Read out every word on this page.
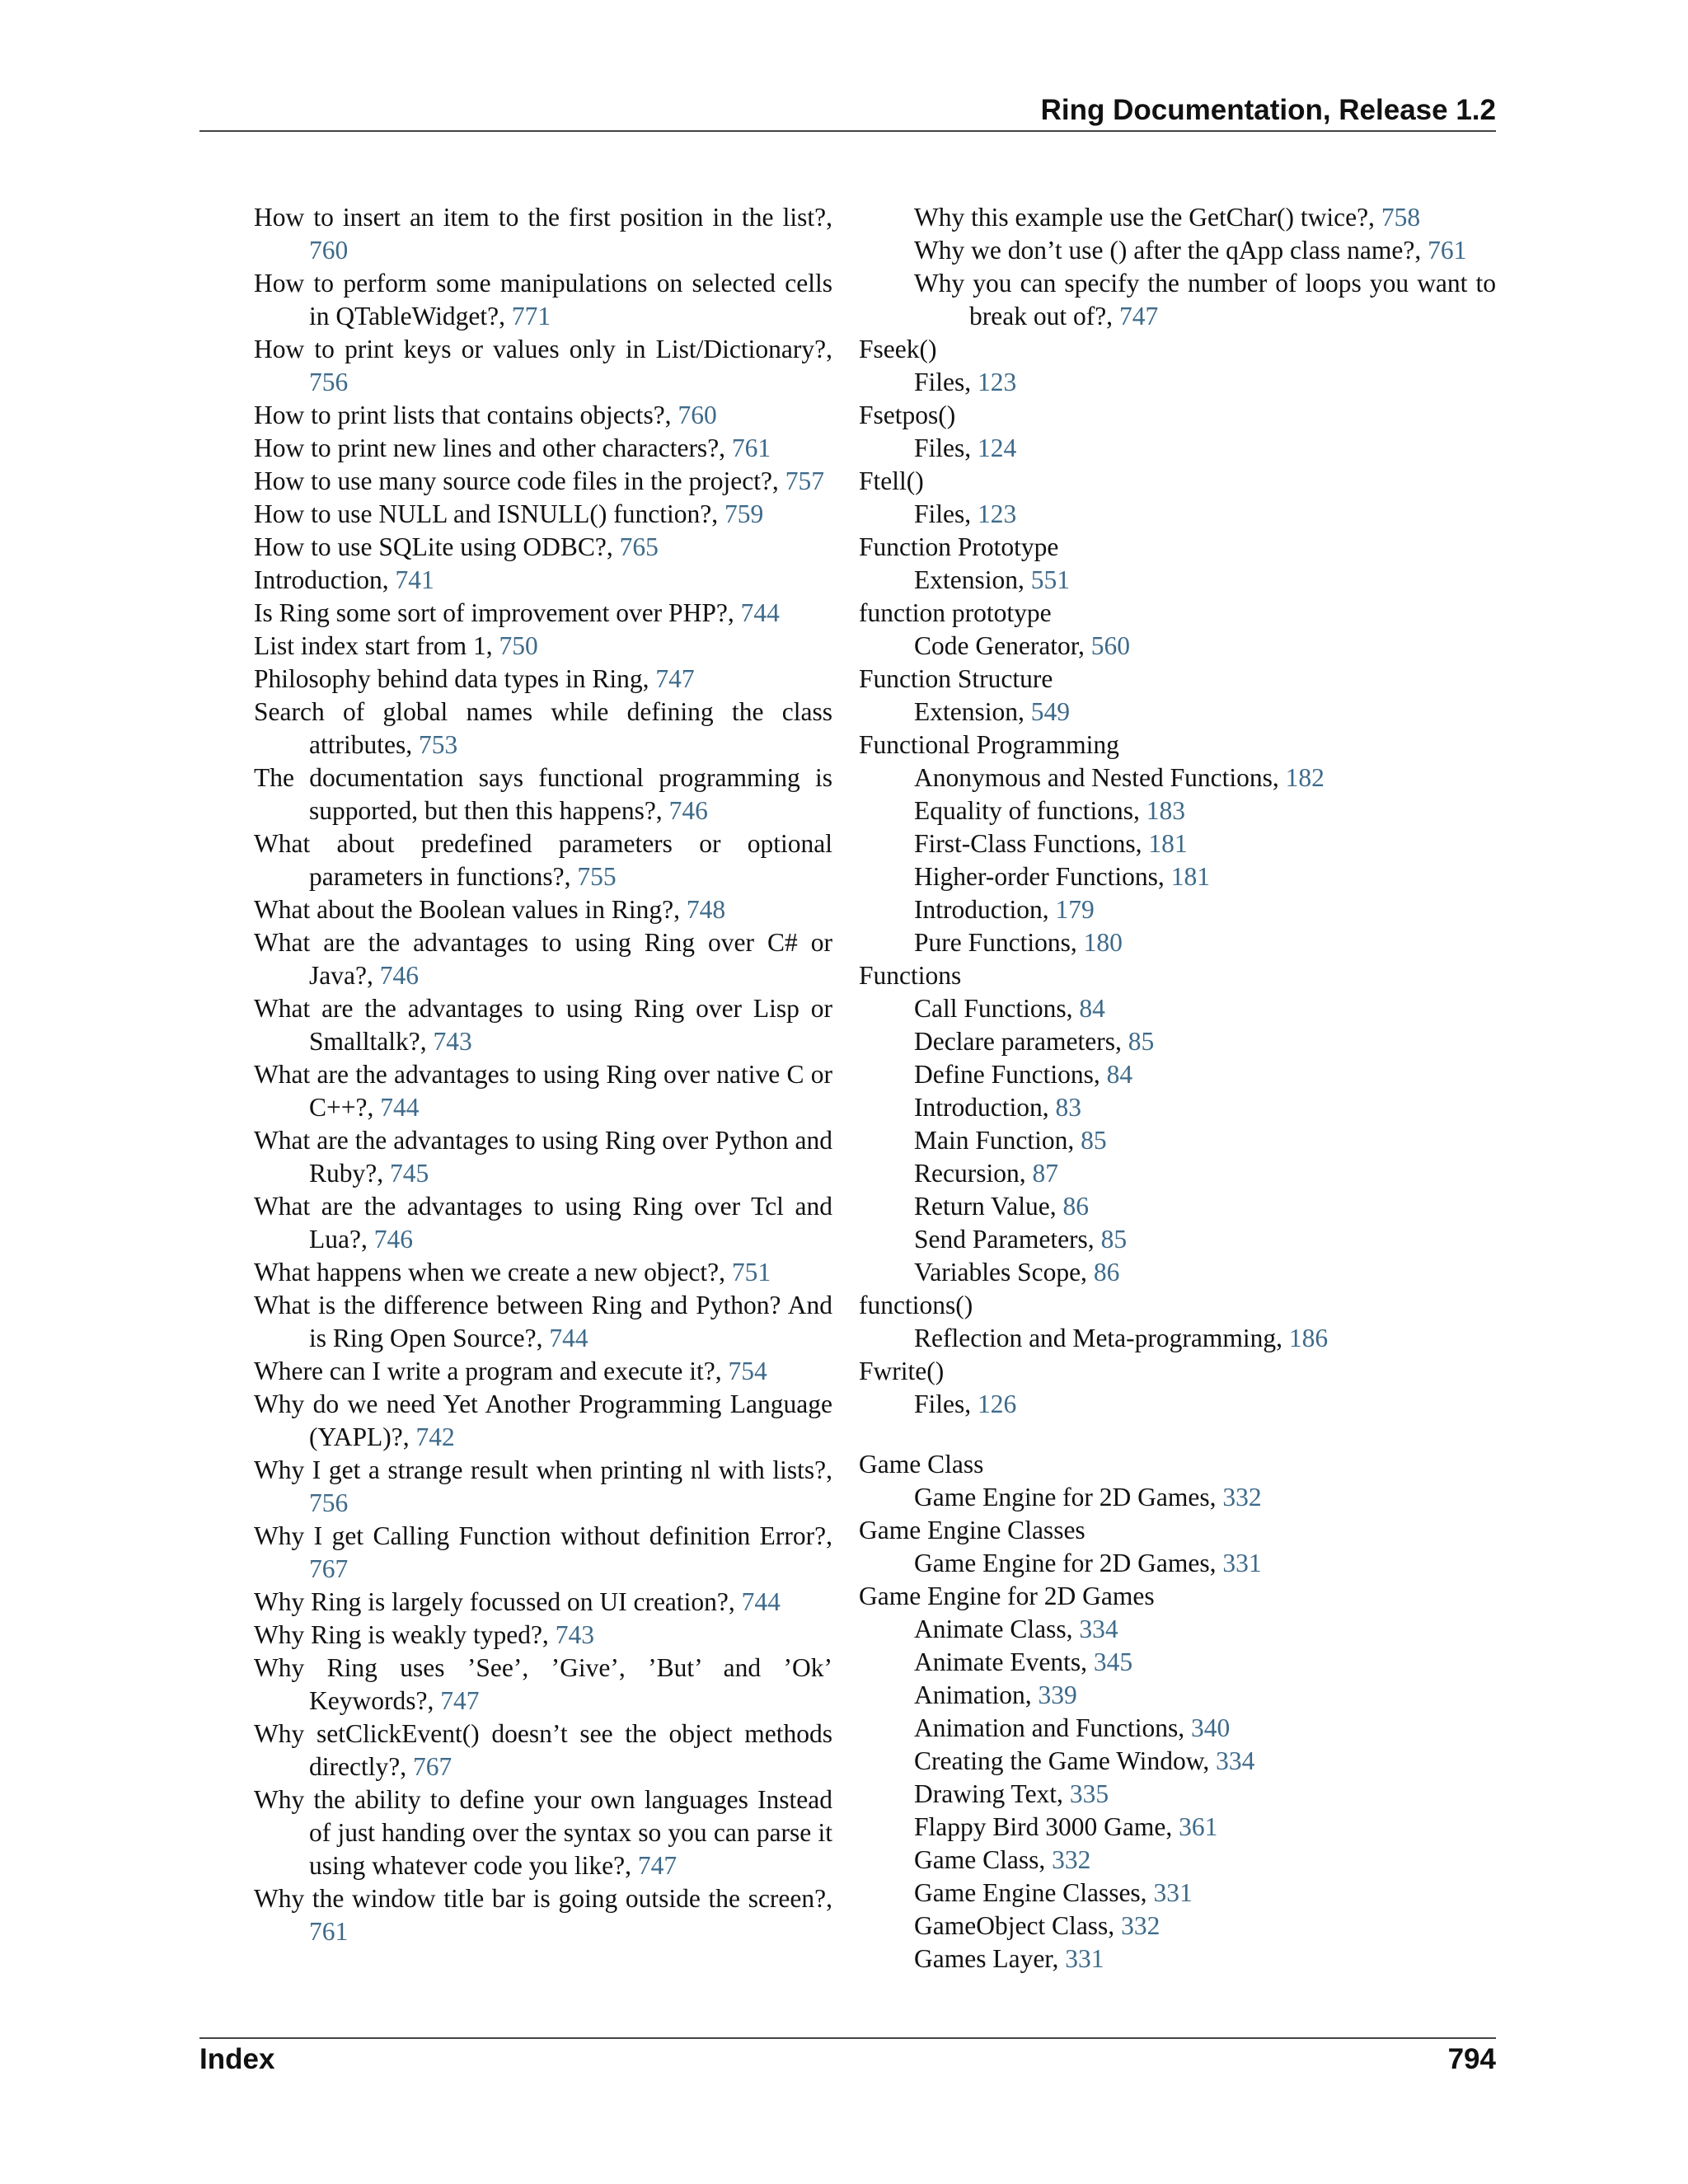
Ring Documentation, Release 1.2
How to insert an item to the first position in the list?, 760
How to perform some manipulations on selected cells in QTableWidget?, 771
How to print keys or values only in List/Dictionary?, 756
How to print lists that contains objects?, 760
How to print new lines and other characters?, 761
How to use many source code files in the project?, 757
How to use NULL and ISNULL() function?, 759
How to use SQLite using ODBC?, 765
Introduction, 741
Is Ring some sort of improvement over PHP?, 744
List index start from 1, 750
Philosophy behind data types in Ring, 747
Search of global names while defining the class attributes, 753
The documentation says functional programming is supported, but then this happens?, 746
What about predefined parameters or optional parameters in functions?, 755
What about the Boolean values in Ring?, 748
What are the advantages to using Ring over C# or Java?, 746
What are the advantages to using Ring over Lisp or Smalltalk?, 743
What are the advantages to using Ring over native C or C++?, 744
What are the advantages to using Ring over Python and Ruby?, 745
What are the advantages to using Ring over Tcl and Lua?, 746
What happens when we create a new object?, 751
What is the difference between Ring and Python? And is Ring Open Source?, 744
Where can I write a program and execute it?, 754
Why do we need Yet Another Programming Language (YAPL)?, 742
Why I get a strange result when printing nl with lists?, 756
Why I get Calling Function without definition Error?, 767
Why Ring is largely focussed on UI creation?, 744
Why Ring is weakly typed?, 743
Why Ring uses ’See’, ’Give’, ’But’ and ’Ok’ Keywords?, 747
Why setClickEvent() doesn’t see the object methods directly?, 767
Why the ability to define your own languages Instead of just handing over the syntax so you can parse it using whatever code you like?, 747
Why the window title bar is going outside the screen?, 761
Why this example use the GetChar() twice?, 758
Why we don’t use () after the qApp class name?, 761
Why you can specify the number of loops you want to break out of?, 747
Fseek()
Files, 123
Fsetpos()
Files, 124
Ftell()
Files, 123
Function Prototype
Extension, 551
function prototype
Code Generator, 560
Function Structure
Extension, 549
Functional Programming
Anonymous and Nested Functions, 182
Equality of functions, 183
First-Class Functions, 181
Higher-order Functions, 181
Introduction, 179
Pure Functions, 180
Functions
Call Functions, 84
Declare parameters, 85
Define Functions, 84
Introduction, 83
Main Function, 85
Recursion, 87
Return Value, 86
Send Parameters, 85
Variables Scope, 86
functions()
Reflection and Meta-programming, 186
Fwrite()
Files, 126
Game Class
Game Engine for 2D Games, 332
Game Engine Classes
Game Engine for 2D Games, 331
Game Engine for 2D Games
Animate Class, 334
Animate Events, 345
Animation, 339
Animation and Functions, 340
Creating the Game Window, 334
Drawing Text, 335
Flappy Bird 3000 Game, 361
Game Class, 332
Game Engine Classes, 331
GameObject Class, 332
Games Layer, 331
Index	794
